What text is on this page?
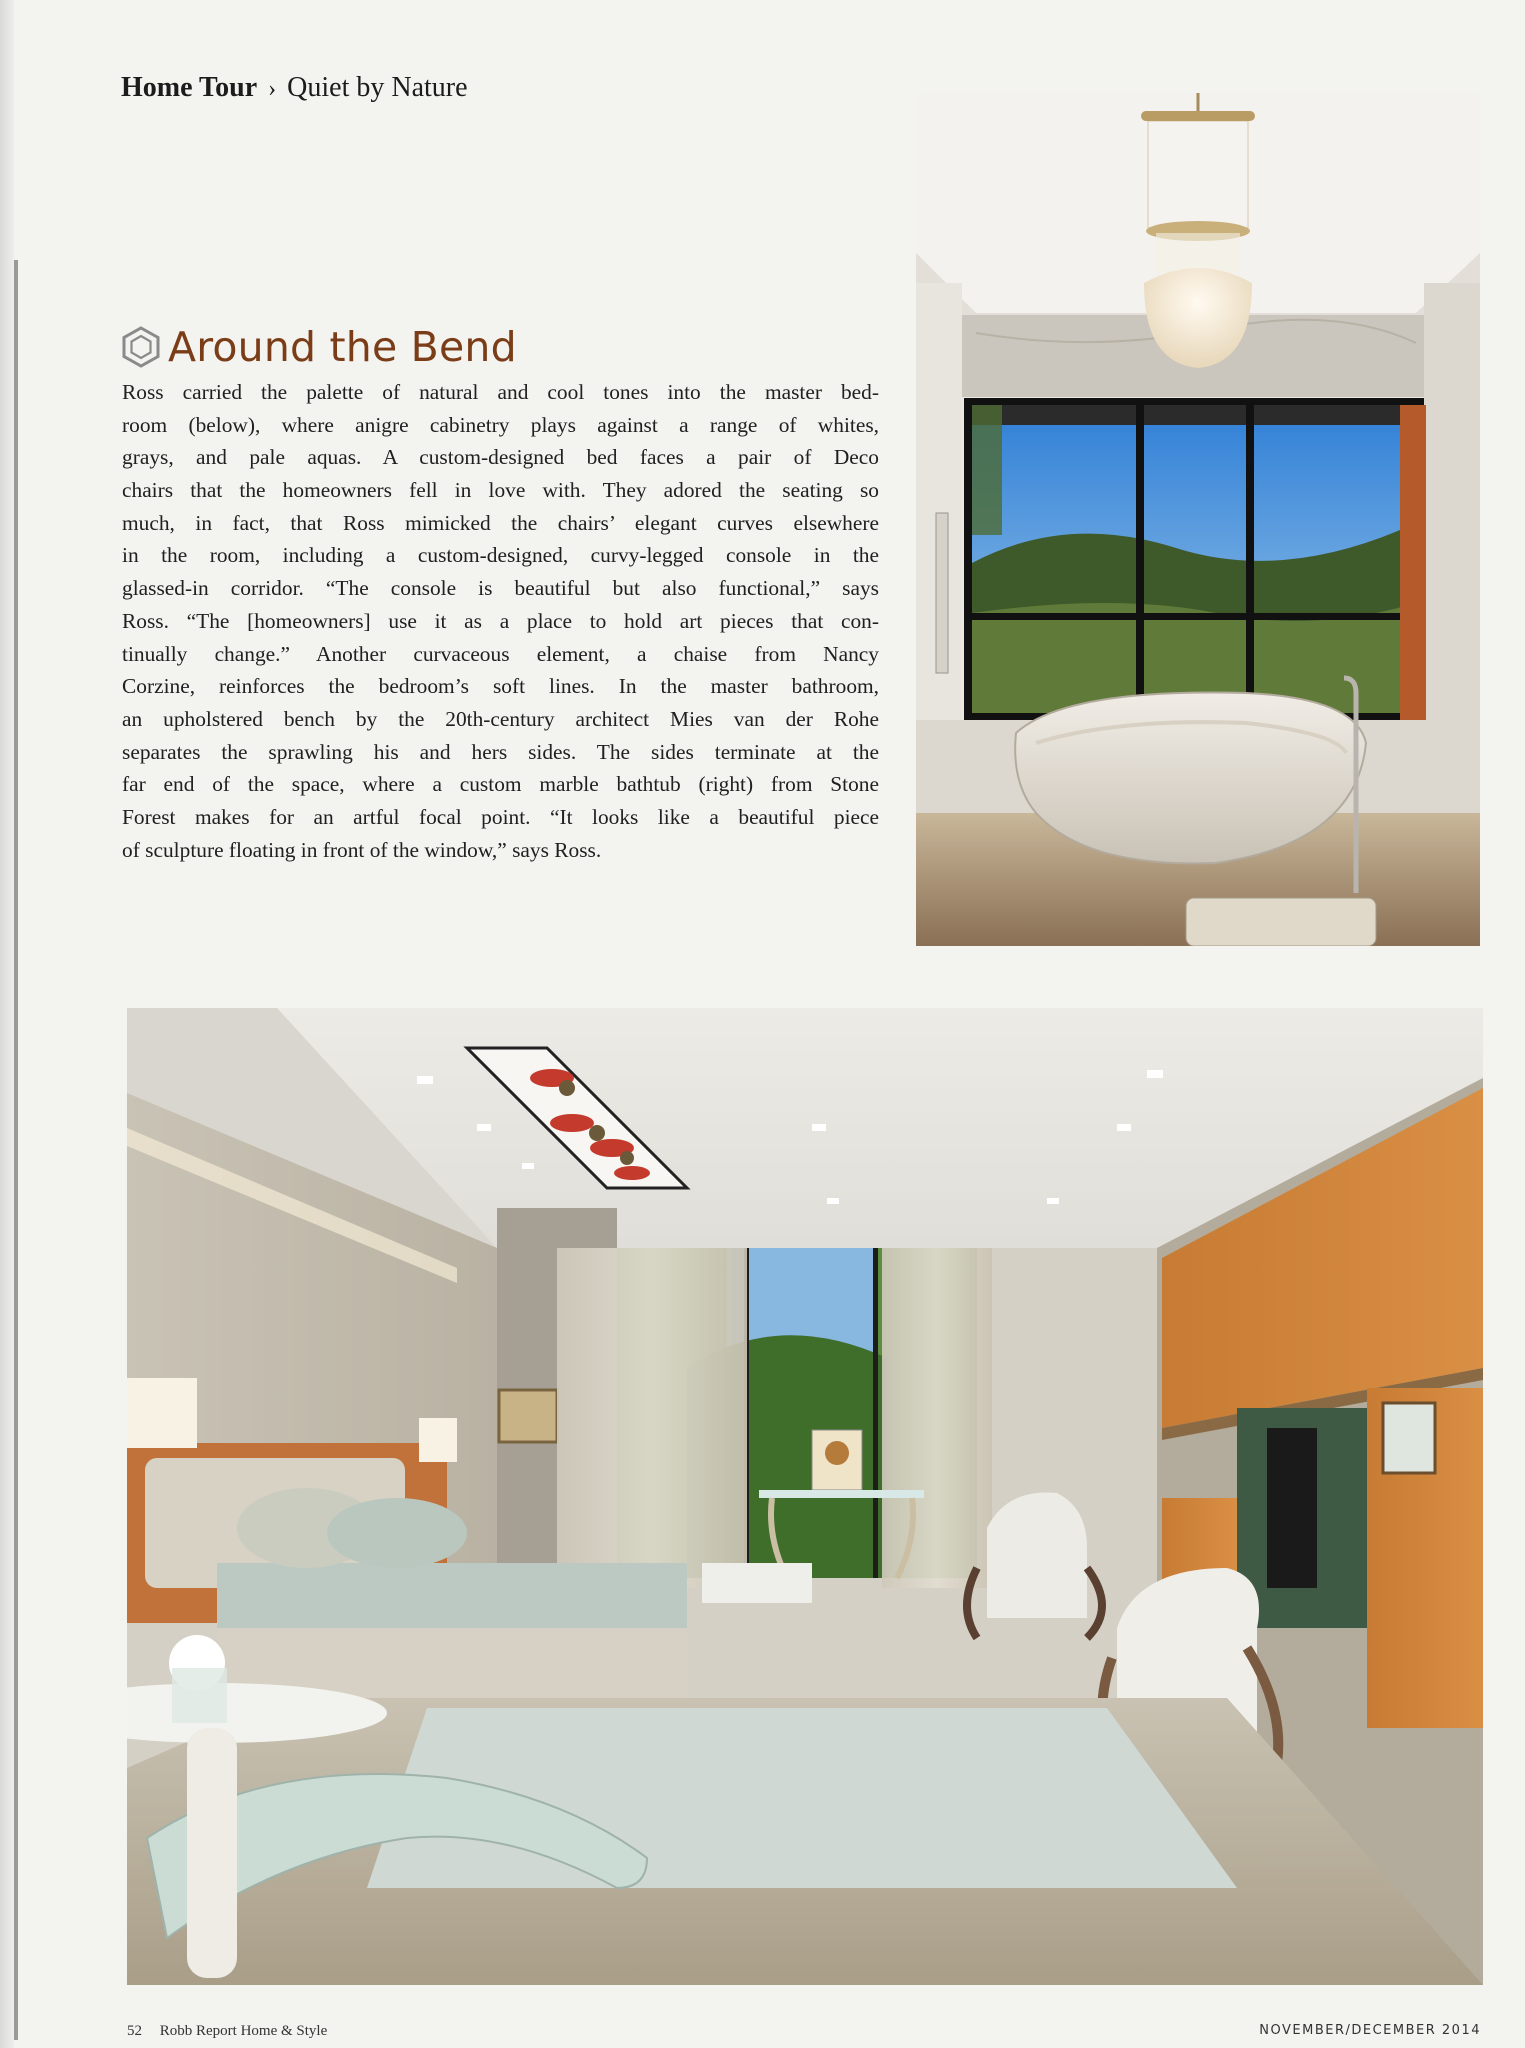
Home Tour › Quiet by Nature
Around the Bend
Ross carried the palette of natural and cool tones into the master bed-
room (below), where anigre cabinetry plays against a range of whites,
grays, and pale aquas. A custom-designed bed faces a pair of Deco
chairs that the homeowners fell in love with. They adored the seating so
much, in fact, that Ross mimicked the chairs’ elegant curves elsewhere
in the room, including a custom-designed, curvy-legged console in the
glassed-in corridor. “The console is beautiful but also functional,” says
Ross. “The [homeowners] use it as a place to hold art pieces that con-
tinually change.” Another curvaceous element, a chaise from Nancy
Corzine, reinforces the bedroom’s soft lines. In the master bathroom,
an upholstered bench by the 20th-century architect Mies van der Rohe
separates the sprawling his and hers sides. The sides terminate at the
far end of the space, where a custom marble bathtub (right) from Stone
Forest makes for an artful focal point. “It looks like a beautiful piece
of sculpture floating in front of the window,” says Ross.
52 Robb Report Home & Style	NOVEMBER/DECEMBER 2014
